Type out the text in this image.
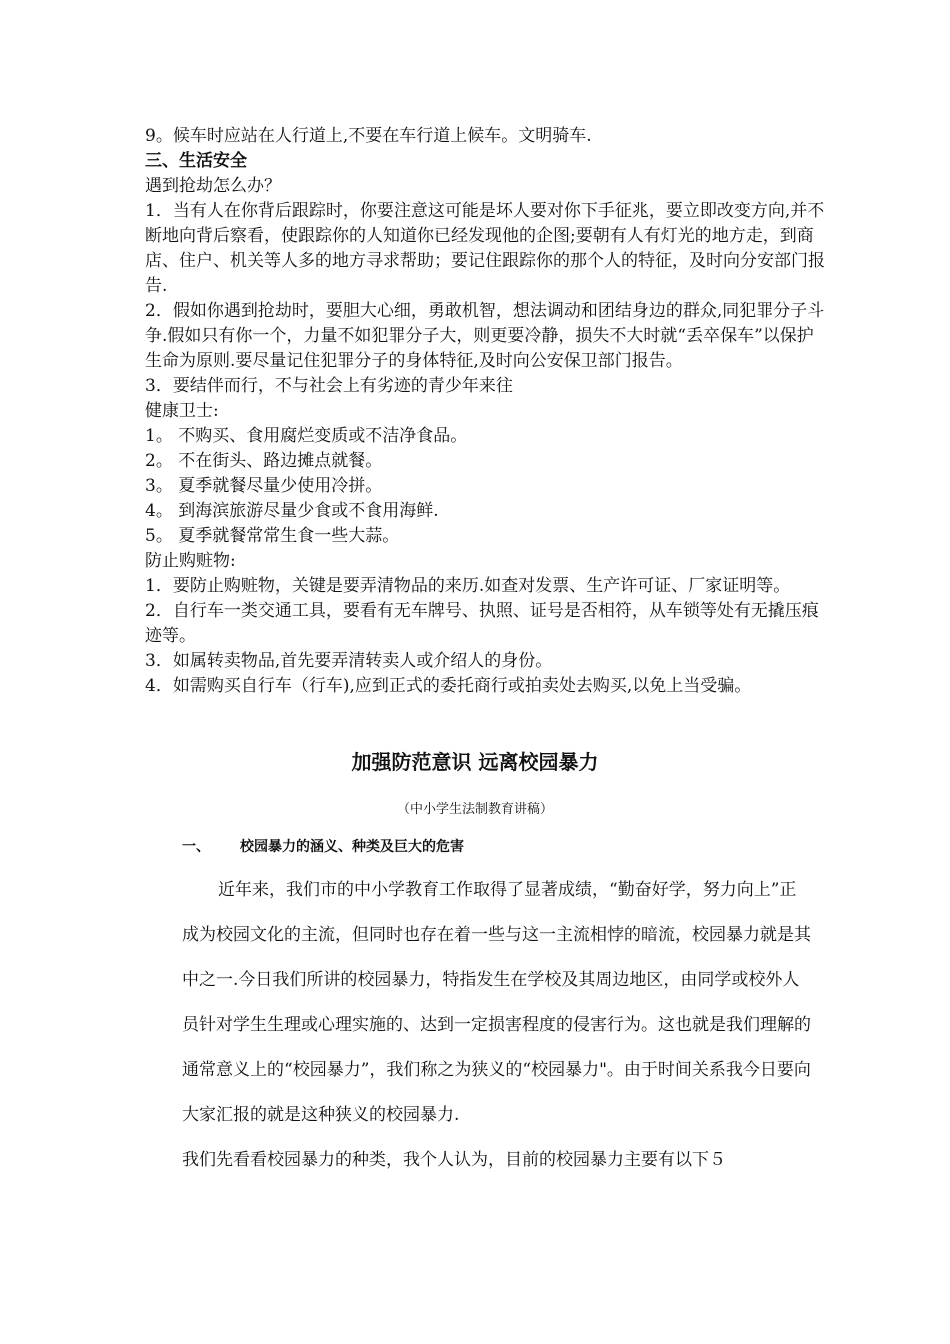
9。候车时应站在人行道上,不要在车行道上候车。文明骑车.

三、生活安全

遇到抢劫怎么办？

1．当有人在你背后跟踪时，你要注意这可能是坏人要对你下手征兆，要立即改变方向,并不断地向背后察看，使跟踪你的人知道你已经发现他的企图;要朝有人有灯光的地方走，到商店、住户、机关等人多的地方寻求帮助；要记住跟踪你的那个人的特征，及时向分安部门报告.

2．假如你遇到抢劫时，要胆大心细，勇敢机智，想法调动和团结身边的群众,同犯罪分子斗争.假如只有你一个，力量不如犯罪分子大，则更要冷静，损失不大时就“丢卒保车”以保护生命为原则.要尽量记住犯罪分子的身体特征,及时向公安保卫部门报告。

3．要结伴而行，不与社会上有劣迹的青少年来往

健康卫士:

1。 不购买、食用腐烂变质或不洁净食品。

2。 不在街头、路边摊点就餐。

3。 夏季就餐尽量少使用冷拼。

4。 到海滨旅游尽量少食或不食用海鲜.

5。 夏季就餐常常生食一些大蒜。

防止购赃物:

1．要防止购赃物，关键是要弄清物品的来历.如查对发票、生产许可证、厂家证明等。

2．自行车一类交通工具，要看有无车牌号、执照、证号是否相符，从车锁等处有无撬压痕迹等。

3．如属转卖物品,首先要弄清转卖人或介绍人的身份。

4．如需购买自行车（行车),应到正式的委托商行或拍卖处去购买,以免上当受骗。

加强防范意识 远离校园暴力
（中小学生法制教育讲稿）
一、 校园暴力的涵义、种类及巨大的危害

近年来，我们市的中小学教育工作取得了显著成绩，“勤奋好学，努力向上”正成为校园文化的主流，但同时也存在着一些与这一主流相悖的暗流，校园暴力就是其中之一.今日我们所讲的校园暴力，特指发生在学校及其周边地区，由同学或校外人员针对学生生理或心理实施的、达到一定损害程度的侵害行为。这也就是我们理解的通常意义上的“校园暴力”，我们称之为狭义的“校园暴力"。由于时间关系我今日要向大家汇报的就是这种狭义的校园暴力.

我们先看看校园暴力的种类，我个人认为，目前的校园暴力主要有以下５
